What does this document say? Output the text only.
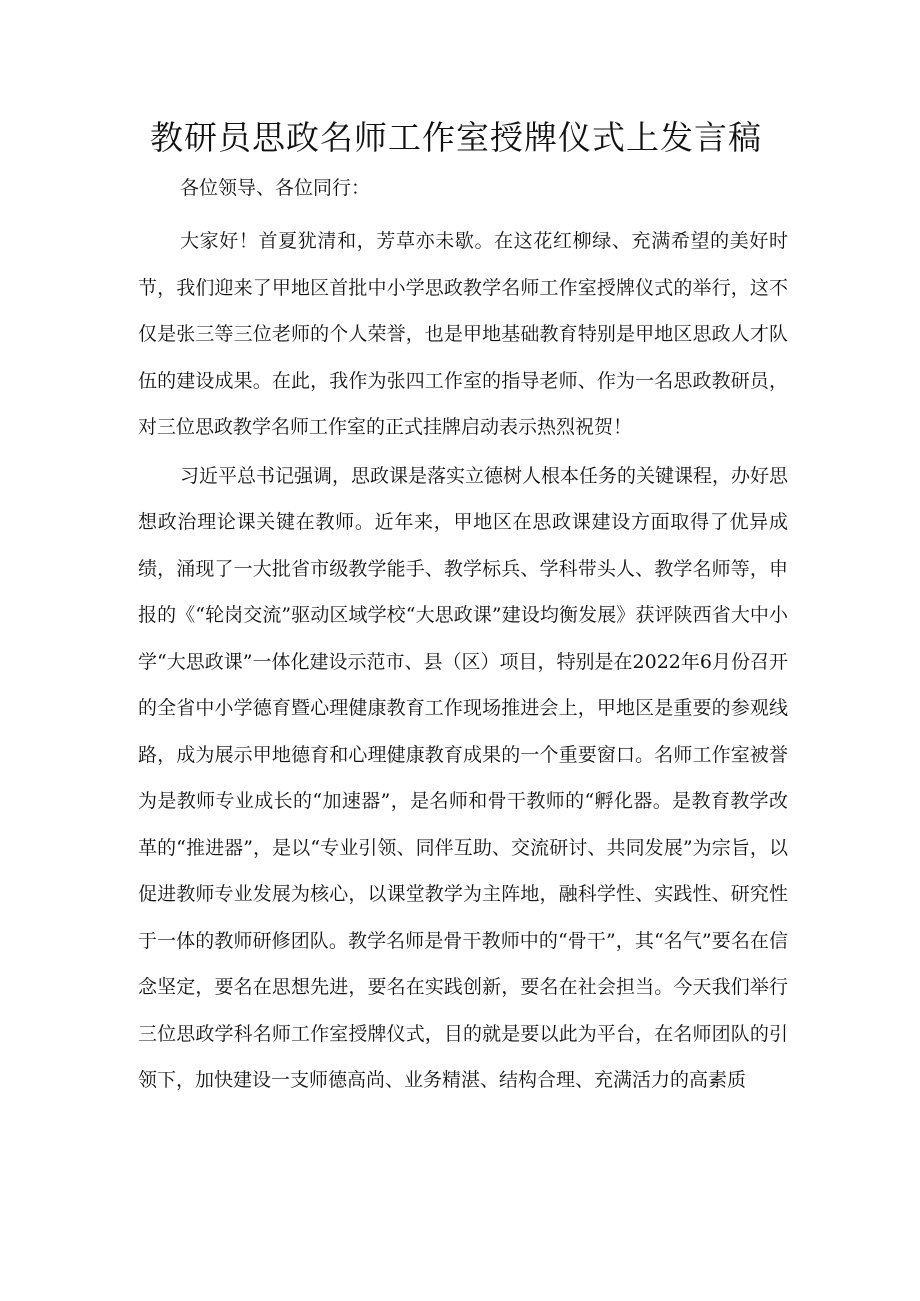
教研员思政名师工作室授牌仪式上发言稿

各位领导、各位同行：

大家好！首夏犹清和，芳草亦未歇。在这花红柳绿、充满希望的美好时节，我们迎来了甲地区首批中小学思政教学名师工作室授牌仪式的举行，这不仅是张三等三位老师的个人荣誉，也是甲地基础教育特别是甲地区思政人才队伍的建设成果。在此，我作为张四工作室的指导老师、作为一名思政教研员，对三位思政教学名师工作室的正式挂牌启动表示热烈祝贺！

习近平总书记强调，思政课是落实立德树人根本任务的关键课程，办好思想政治理论课关键在教师。近年来，甲地区在思政课建设方面取得了优异成绩，涌现了一大批省市级教学能手、教学标兵、学科带头人、教学名师等，申报的《“轮岗交流”驱动区域学校“大思政课”建设均衡发展》获评陕西省大中小学“大思政课”一体化建设示范市、县（区）项目，特别是在2022年6月份召开的全省中小学德育暨心理健康教育工作现场推进会上，甲地区是重要的参观线路，成为展示甲地德育和心理健康教育成果的一个重要窗口。名师工作室被誉为是教师专业成长的“加速器”，是名师和骨干教师的“孵化器。是教育教学改革的“推进器”，是以“专业引领、同伴互助、交流研讨、共同发展”为宗旨，以促进教师专业发展为核心，以课堂教学为主阵地，融科学性、实践性、研究性于一体的教师研修团队。教学名师是骨干教师中的“骨干”，其“名气”要名在信念坚定，要名在思想先进，要名在实践创新，要名在社会担当。今天我们举行三位思政学科名师工作室授牌仪式，目的就是要以此为平台，在名师团队的引领下，加快建设一支师德高尚、业务精湛、结构合理、充满活力的高素质
